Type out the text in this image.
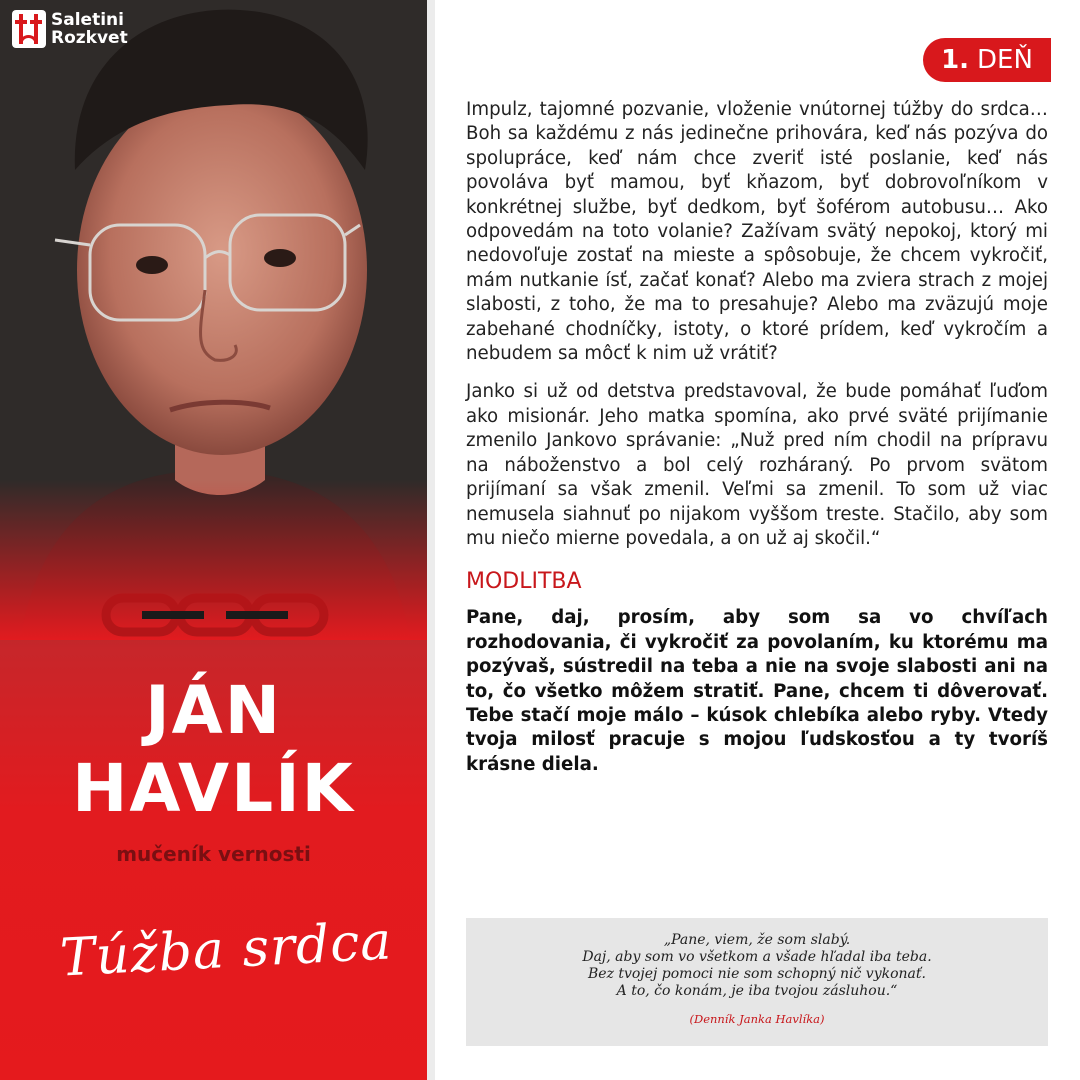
Saletini
Rozkvet
JÁN
HAVLÍK
mučeník vernosti
Túžba srdca
1. DEŇ

Impulz, tajomné pozvanie, vloženie vnútornej túžby do srdca… Boh sa každému z nás jedinečne prihovára, keď nás pozýva do spolupráce, keď nám chce zveriť isté poslanie, keď nás povoláva byť mamou, byť kňazom, byť dobrovoľníkom v konkrétnej službe, byť dedkom, byť šoférom autobusu… Ako odpovedám na toto volanie? Zažívam svätý nepokoj, ktorý mi nedovoľuje zostať na mieste a spôsobuje, že chcem vykročiť, mám nutkanie ísť, začať konať? Alebo ma zviera strach z mojej slabosti, z toho, že ma to presahuje? Alebo ma zväzujú moje zabehané chodníčky, istoty, o ktoré prídem, keď vykročím a nebudem sa môcť k nim už vrátiť?

Janko si už od detstva predstavoval, že bude pomáhať ľuďom ako misionár. Jeho matka spomína, ako prvé sväté prijímanie zmenilo Jankovo správanie: „Nuž pred ním chodil na prípravu na náboženstvo a bol celý rozháraný. Po prvom svätom prijímaní sa však zmenil. Veľmi sa zmenil. To som už viac nemusela siahnuť po nijakom vyššom treste. Stačilo, aby som mu niečo mierne povedala, a on už aj skočil.“

MODLITBA

Pane, daj, prosím, aby som sa vo chvíľach rozhodovania, či vykročiť za povolaním, ku ktorému ma pozývaš, sústredil na teba a nie na svoje slabosti ani na to, čo všetko môžem stratiť. Pane, chcem ti dôverovať. Tebe stačí moje málo – kúsok chlebíka alebo ryby. Vtedy tvoja milosť pracuje s mojou ľudskosťou a ty tvoríš krásne diela.

„Pane, viem, že som slabý.
Daj, aby som vo všetkom a všade hľadal iba teba.
Bez tvojej pomoci nie som schopný nič vykonať.
A to, čo konám, je iba tvojou zásluhou.“
(Denník Janka Havlíka)
